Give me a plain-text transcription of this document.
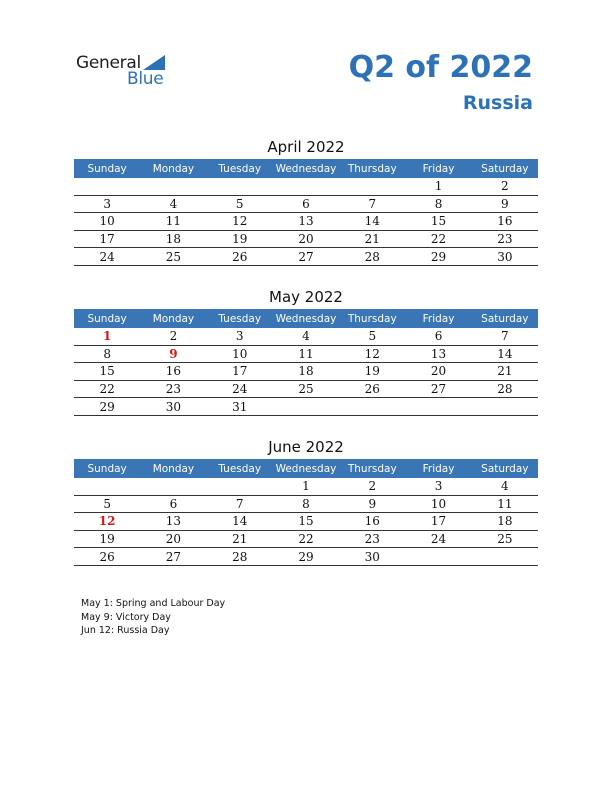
General
Blue	Q2 of 2022
Russia
April 2022
Sunday	Monday	Tuesday	Wednesday	Thursday	Friday	Saturday
					1	2
3	4	5	6	7	8	9
10	11	12	13	14	15	16
17	18	19	20	21	22	23
24	25	26	27	28	29	30
May 2022
Sunday	Monday	Tuesday	Wednesday	Thursday	Friday	Saturday
1	2	3	4	5	6	7
8	9	10	11	12	13	14
15	16	17	18	19	20	21
22	23	24	25	26	27	28
29	30	31				
June 2022
Sunday	Monday	Tuesday	Wednesday	Thursday	Friday	Saturday
			1	2	3	4
5	6	7	8	9	10	11
12	13	14	15	16	17	18
19	20	21	22	23	24	25
26	27	28	29	30		
May 1: Spring and Labour Day
May 9: Victory Day
Jun 12: Russia Day
